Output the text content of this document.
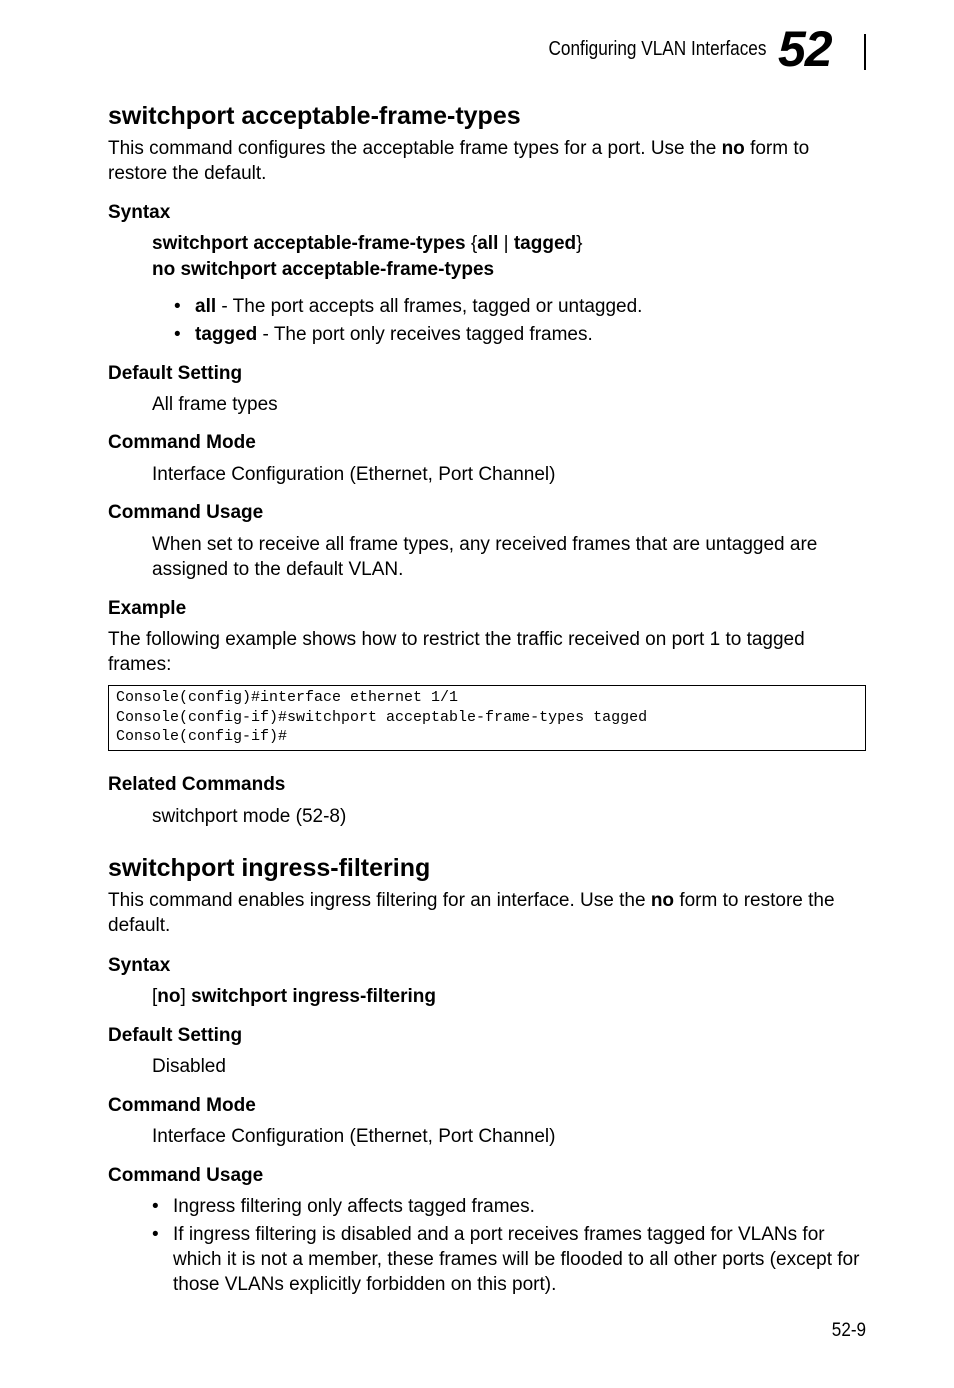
Configuring VLAN Interfaces 52
switchport acceptable-frame-types
This command configures the acceptable frame types for a port. Use the no form to restore the default.
Syntax
switchport acceptable-frame-types {all | tagged}
no switchport acceptable-frame-types
• all - The port accepts all frames, tagged or untagged.
• tagged - The port only receives tagged frames.
Default Setting
All frame types
Command Mode
Interface Configuration (Ethernet, Port Channel)
Command Usage
When set to receive all frame types, any received frames that are untagged are assigned to the default VLAN.
Example
The following example shows how to restrict the traffic received on port 1 to tagged frames:
Console(config)#interface ethernet 1/1
Console(config-if)#switchport acceptable-frame-types tagged
Console(config-if)#
Related Commands
switchport mode (52-8)
switchport ingress-filtering
This command enables ingress filtering for an interface. Use the no form to restore the default.
Syntax
[no] switchport ingress-filtering
Default Setting
Disabled
Command Mode
Interface Configuration (Ethernet, Port Channel)
Command Usage
• Ingress filtering only affects tagged frames.
• If ingress filtering is disabled and a port receives frames tagged for VLANs for which it is not a member, these frames will be flooded to all other ports (except for those VLANs explicitly forbidden on this port).
52-9
